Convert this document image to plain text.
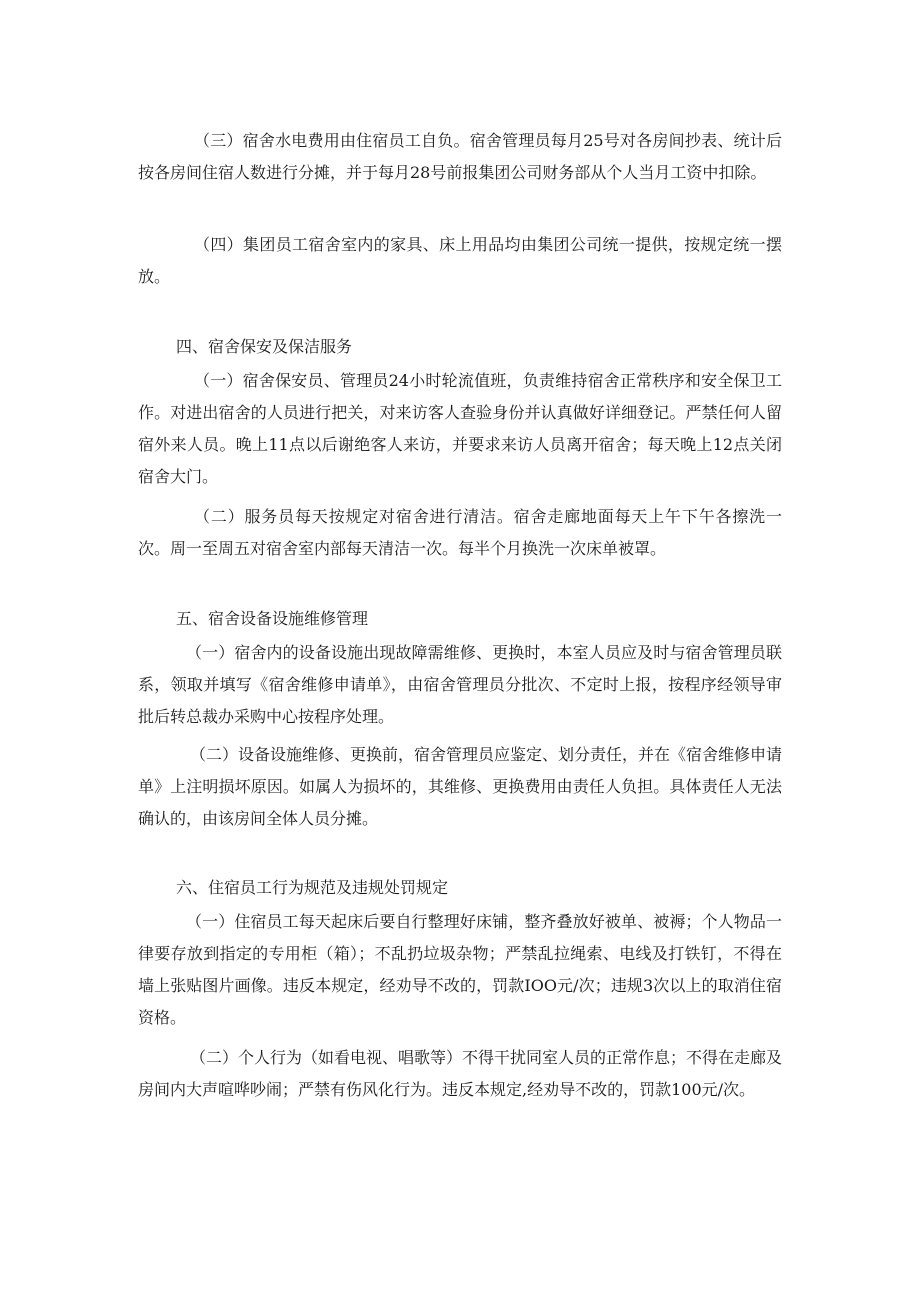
（三）宿舍水电费用由住宿员工自负。宿舍管理员每月25号对各房间抄表、统计后按各房间住宿人数进行分摊，并于每月28号前报集团公司财务部从个人当月工资中扣除。

（四）集团员工宿舍室内的家具、床上用品均由集团公司统一提供，按规定统一摆放。

四、宿舍保安及保洁服务

（一）宿舍保安员、管理员24小时轮流值班，负责维持宿舍正常秩序和安全保卫工作。对进出宿舍的人员进行把关，对来访客人查验身份并认真做好详细登记。严禁任何人留宿外来人员。晚上11点以后谢绝客人来访，并要求来访人员离开宿舍；每天晚上12点关闭宿舍大门。

（二）服务员每天按规定对宿舍进行清洁。宿舍走廊地面每天上午下午各擦洗一次。周一至周五对宿舍室内部每天清洁一次。每半个月换洗一次床单被罩。

五、宿舍设备设施维修管理

（一）宿舍内的设备设施出现故障需维修、更换时，本室人员应及时与宿舍管理员联系，领取并填写《宿舍维修申请单》，由宿舍管理员分批次、不定时上报，按程序经领导审批后转总裁办采购中心按程序处理。

（二）设备设施维修、更换前，宿舍管理员应鉴定、划分责任，并在《宿舍维修申请单》上注明损坏原因。如属人为损坏的，其维修、更换费用由责任人负担。具体责任人无法确认的，由该房间全体人员分摊。

六、住宿员工行为规范及违规处罚规定

（一）住宿员工每天起床后要自行整理好床铺，整齐叠放好被单、被褥；个人物品一律要存放到指定的专用柜（箱）；不乱扔垃圾杂物；严禁乱拉绳索、电线及打铁钉，不得在墙上张贴图片画像。违反本规定，经劝导不改的，罚款IOO元/次；违规3次以上的取消住宿资格。

（二）个人行为（如看电视、唱歌等）不得干扰同室人员的正常作息；不得在走廊及房间内大声喧哗吵闹；严禁有伤风化行为。违反本规定,经劝导不改的，罚款100元/次。
